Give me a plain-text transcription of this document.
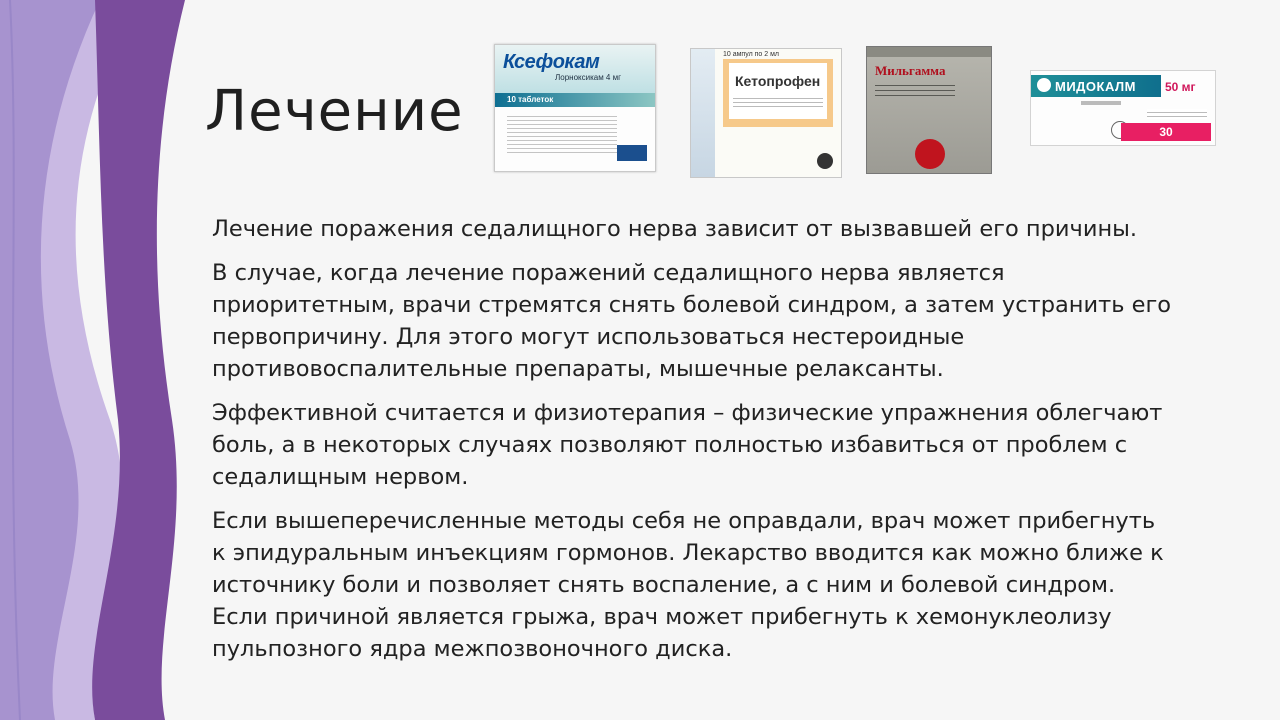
Лечение
Ксефокам
Лорноксикам 4 мг
10 таблеток
10 ампул по 2 мл
Кетопрофен
Мильгамма
МИДОКАЛМ 50 мг
30

Лечение поражения седалищного нерва зависит от вызвавшей его причины.

В случае, когда лечение поражений седалищного нерва является
приоритетным, врачи стремятся снять болевой синдром, а затем устранить его
первопричину. Для этого могут использоваться нестероидные
противовоспалительные препараты, мышечные релаксанты.

Эффективной считается и физиотерапия – физические упражнения облегчают
боль, а в некоторых случаях позволяют полностью избавиться от проблем с
седалищным нервом.

Если вышеперечисленные методы себя не оправдали, врач может прибегнуть
к эпидуральным инъекциям гормонов. Лекарство вводится как можно ближе к
источнику боли и позволяет снять воспаление, а с ним и болевой синдром.
Если причиной является грыжа, врач может прибегнуть к хемонуклеолизу
пульпозного ядра межпозвоночного диска.
